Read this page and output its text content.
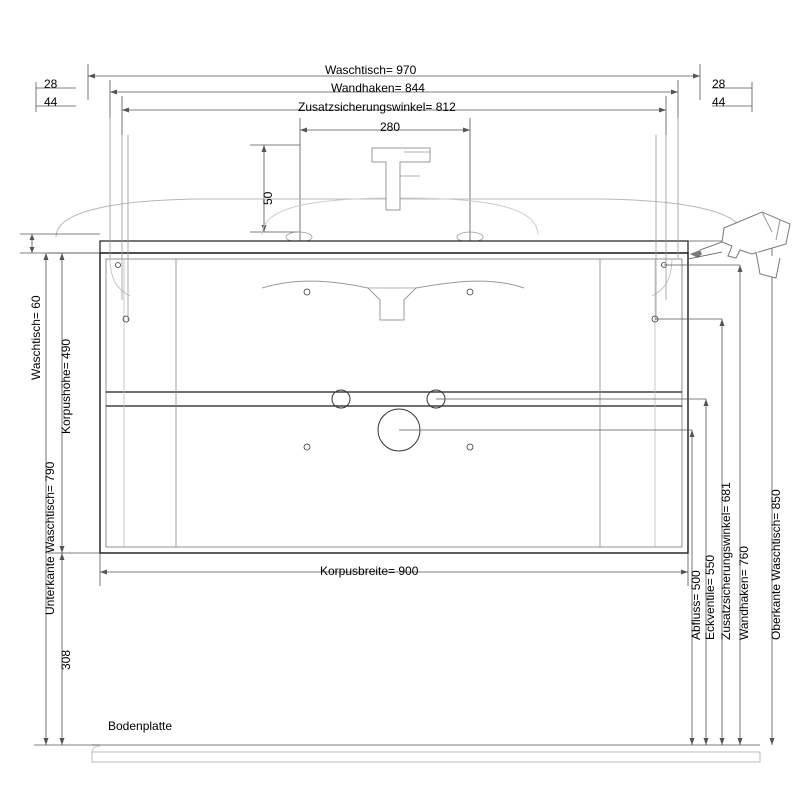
Waschtisch= 970
Wandhaken= 844
Zusatzsicherungswinkel= 812
280
28
44
28
44
50
Waschtisch= 60
Korpushöhe= 490
Unterkante Waschtisch= 790
308
Abfluss= 500 Eckventile= 550 Zusatzsicherungswinkel= 681 Wandhaken= 760 Oberkante Waschtisch= 850
Korpusbreite= 900
Bodenplatte
